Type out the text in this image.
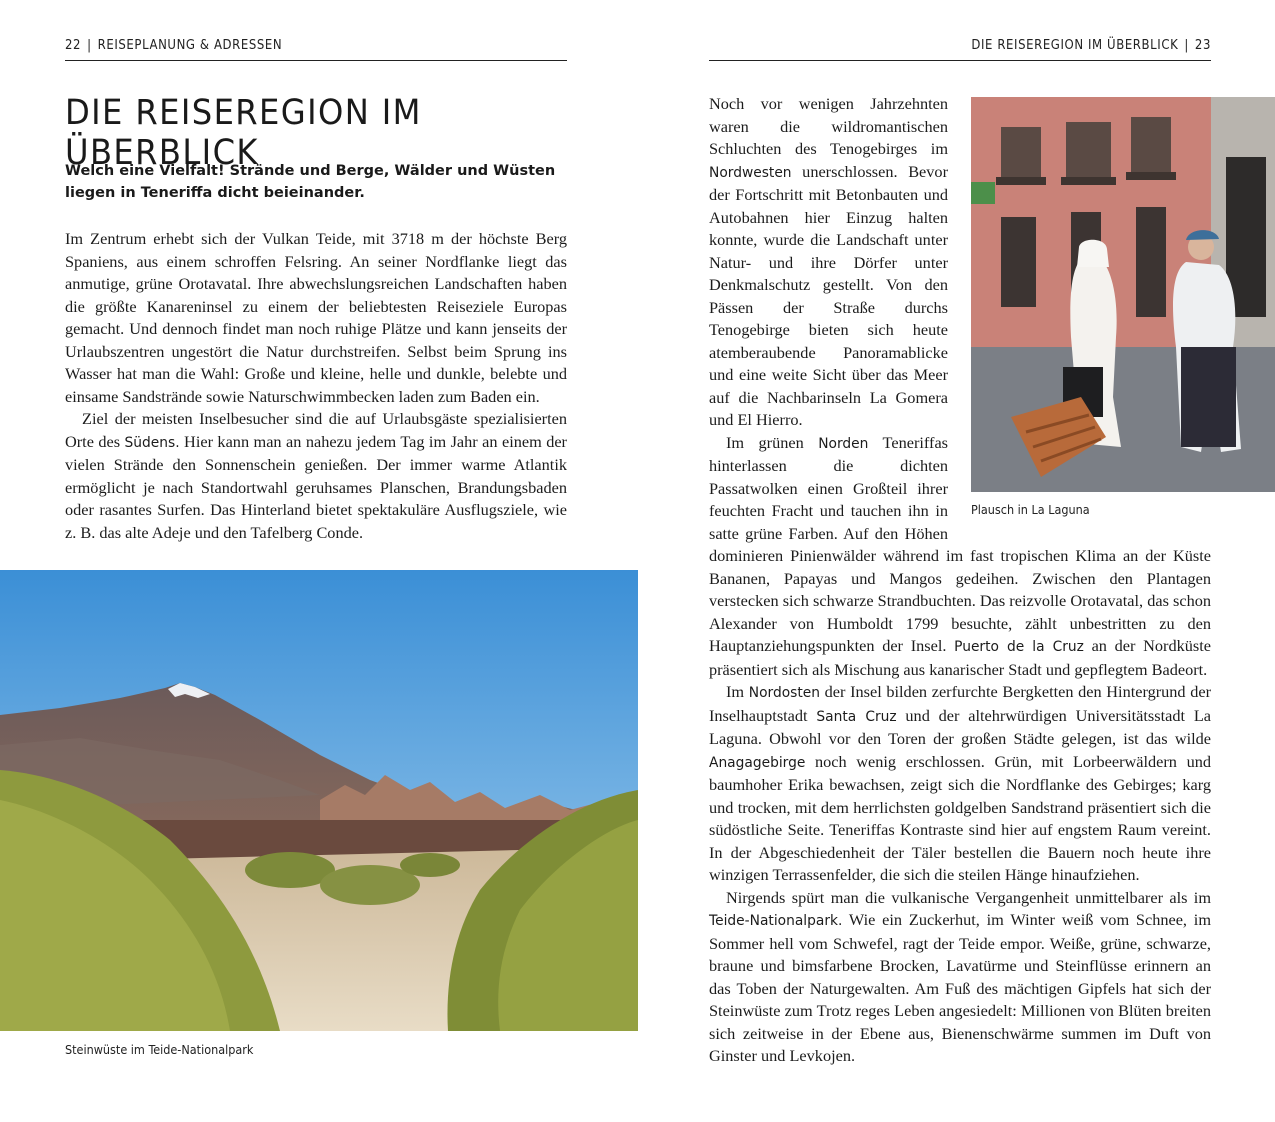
22 | REISEPLANUNG & ADRESSEN
DIE REISEREGION IM ÜBERBLICK

Welch eine Vielfalt! Strände und Berge, Wälder und Wüsten liegen in Teneriffa dicht beieinander.

Im Zentrum erhebt sich der Vulkan Teide, mit 3718 m der höchste Berg Spaniens, aus einem schroffen Felsring. An seiner Nordflanke liegt das anmutige, grüne Orotavatal. Ihre abwechslungsreichen Landschaften haben die größte Kanareninsel zu einem der beliebtesten Reiseziele Europas gemacht. Und dennoch findet man noch ruhige Plätze und kann jenseits der Urlaubszentren ungestört die Natur durchstreifen. Selbst beim Sprung ins Wasser hat man die Wahl: Große und kleine, helle und dunkle, belebte und einsame Sandstrände sowie Naturschwimmbecken laden zum Baden ein.

Ziel der meisten Inselbesucher sind die auf Urlaubsgäste spezialisierten Orte des Südens. Hier kann man an nahezu jedem Tag im Jahr an einem der vielen Strände den Sonnenschein genießen. Der immer warme Atlantik ermöglicht je nach Standortwahl geruhsames Planschen, Brandungsbaden oder rasantes Surfen. Das Hinterland bietet spektakuläre Ausflugsziele, wie z. B. das alte Adeje und den Tafelberg Conde.

Steinwüste im Teide-Nationalpark
DIE REISEREGION IM ÜBERBLICK | 23
Plausch in La Laguna

Noch vor wenigen Jahrzehnten waren die wildromantischen Schluchten des Tenogebirges im Nordwesten unerschlossen. Bevor der Fortschritt mit Betonbauten und Autobahnen hier Einzug halten konnte, wurde die Landschaft unter Natur- und ihre Dörfer unter Denkmalschutz gestellt. Von den Pässen der Straße durchs Tenogebirge bieten sich heute atemberaubende Panoramablicke und eine weite Sicht über das Meer auf die Nachbarinseln La Gomera und El Hierro.

Im grünen Norden Teneriffas hinterlassen die dichten Passatwolken einen Großteil ihrer feuchten Fracht und tauchen ihn in satte grüne Farben. Auf den Höhen dominieren Pinienwälder während im fast tropischen Klima an der Küste Bananen, Papayas und Mangos gedeihen. Zwischen den Plantagen verstecken sich schwarze Strandbuchten. Das reizvolle Orotavatal, das schon Alexander von Humboldt 1799 besuchte, zählt unbestritten zu den Hauptanziehungspunkten der Insel. Puerto de la Cruz an der Nordküste präsentiert sich als Mischung aus kanarischer Stadt und gepflegtem Badeort.

Im Nordosten der Insel bilden zerfurchte Bergketten den Hintergrund der Inselhauptstadt Santa Cruz und der altehrwürdigen Universitätsstadt La Laguna. Obwohl vor den Toren der großen Städte gelegen, ist das wilde Anagagebirge noch wenig erschlossen. Grün, mit Lorbeerwäldern und baumhoher Erika bewachsen, zeigt sich die Nordflanke des Gebirges; karg und trocken, mit dem herrlichsten goldgelben Sandstrand präsentiert sich die südöstliche Seite. Teneriffas Kontraste sind hier auf engstem Raum vereint. In der Abgeschiedenheit der Täler bestellen die Bauern noch heute ihre winzigen Terrassenfelder, die sich die steilen Hänge hinaufziehen.

Nirgends spürt man die vulkanische Vergangenheit unmittelbarer als im Teide-Nationalpark. Wie ein Zuckerhut, im Winter weiß vom Schnee, im Sommer hell vom Schwefel, ragt der Teide empor. Weiße, grüne, schwarze, braune und bimsfarbene Brocken, Lavatürme und Steinflüsse erinnern an das Toben der Naturgewalten. Am Fuß des mächtigen Gipfels hat sich der Steinwüste zum Trotz reges Leben angesiedelt: Millionen von Blüten breiten sich zeitweise in der Ebene aus, Bienenschwärme summen im Duft von Ginster und Levkojen.
